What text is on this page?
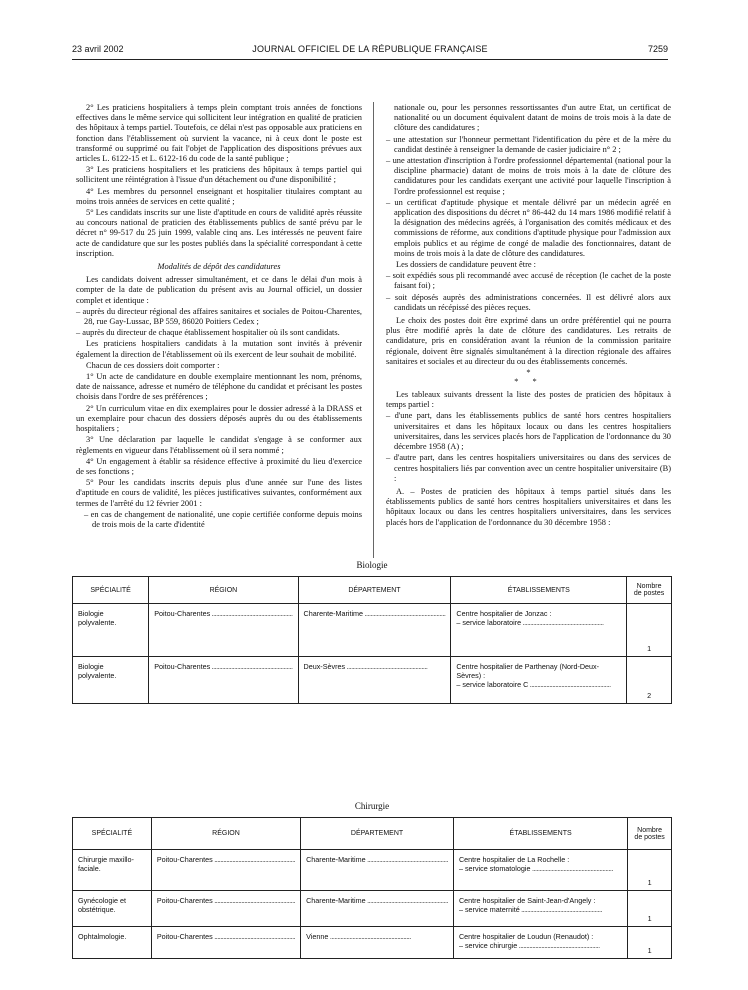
23 avril 2002	JOURNAL OFFICIEL DE LA RÉPUBLIQUE FRANÇAISE	7259

2° Les praticiens hospitaliers à temps plein comptant trois années de fonctions effectives dans le même service qui sollicitent leur intégration en qualité de praticien des hôpitaux à temps partiel. Toutefois, ce délai n'est pas opposable aux praticiens en fonction dans l'établissement où survient la vacance, ni à ceux dont le poste est transformé ou supprimé ou fait l'objet de l'application des dispositions prévues aux articles L. 6122-15 et L. 6122-16 du code de la santé publique ;

3° Les praticiens hospitaliers et les praticiens des hôpitaux à temps partiel qui sollicitent une réintégration à l'issue d'un détachement ou d'une disponibilité ;

4° Les membres du personnel enseignant et hospitalier titulaires comptant au moins trois années de services en cette qualité ;

5° Les candidats inscrits sur une liste d'aptitude en cours de validité après réussite au concours national de praticien des établissements publics de santé prévu par le décret n° 99-517 du 25 juin 1999, valable cinq ans. Les intéressés ne peuvent faire acte de candidature que sur les postes publiés dans la spécialité correspondant à cette inscription.

Modalités de dépôt des candidatures

Les candidats doivent adresser simultanément, et ce dans le délai d'un mois à compter de la date de publication du présent avis au Journal officiel, un dossier complet et identique :

– auprès du directeur régional des affaires sanitaires et sociales de Poitou-Charentes, 28, rue Gay-Lussac, BP 559, 86020 Poitiers Cedex ;

– auprès du directeur de chaque établissement hospitalier où ils sont candidats.

Les praticiens hospitaliers candidats à la mutation sont invités à prévenir également la direction de l'établissement où ils exercent de leur souhait de mobilité.

Chacun de ces dossiers doit comporter :

1° Un acte de candidature en double exemplaire mentionnant les nom, prénoms, date de naissance, adresse et numéro de téléphone du candidat et précisant les postes choisis dans l'ordre de ses préférences ;

2° Un curriculum vitae en dix exemplaires pour le dossier adressé à la DRASS et un exemplaire pour chacun des dossiers déposés auprès du ou des établissements hospitaliers ;

3° Une déclaration par laquelle le candidat s'engage à se conformer aux règlements en vigueur dans l'établissement où il sera nommé ;

4° Un engagement à établir sa résidence effective à proximité du lieu d'exercice de ses fonctions ;

5° Pour les candidats inscrits depuis plus d'une année sur l'une des listes d'aptitude en cours de validité, les pièces justificatives suivantes, conformément aux termes de l'arrêté du 12 février 2001 :

– en cas de changement de nationalité, une copie certifiée conforme depuis moins de trois mois de la carte d'identité

nationale ou, pour les personnes ressortissantes d'un autre Etat, un certificat de nationalité ou un document équivalent datant de moins de trois mois à la date de clôture des candidatures ;

– une attestation sur l'honneur permettant l'identification du père et de la mère du candidat destinée à renseigner la demande de casier judiciaire n° 2 ;

– une attestation d'inscription à l'ordre professionnel départemental (national pour la discipline pharmacie) datant de moins de trois mois à la date de clôture des candidatures pour les candidats exerçant une activité pour laquelle l'inscription à l'ordre professionnel est requise ;

– un certificat d'aptitude physique et mentale délivré par un médecin agréé en application des dispositions du décret n° 86-442 du 14 mars 1986 modifié relatif à la désignation des médecins agréés, à l'organisation des comités médicaux et des commissions de réforme, aux conditions d'aptitude physique pour l'admission aux emplois publics et au régime de congé de maladie des fonctionnaires, datant de moins de trois mois à la date de clôture des candidatures.

Les dossiers de candidature peuvent être :

– soit expédiés sous pli recommandé avec accusé de réception (le cachet de la poste faisant foi) ;

– soit déposés auprès des administrations concernées. Il est délivré alors aux candidats un récépissé des pièces reçues.

Le choix des postes doit être exprimé dans un ordre préférentiel qui ne pourra plus être modifié après la date de clôture des candidatures. Les retraits de candidature, pris en considération avant la réunion de la commission paritaire régionale, doivent être signalés simultanément à la direction régionale des affaires sanitaires et sociales et au directeur du ou des établissements concernés.

*

* *

Les tableaux suivants dressent la liste des postes de praticien des hôpitaux à temps partiel :

– d'une part, dans les établissements publics de santé hors centres hospitaliers universitaires et dans les hôpitaux locaux ou dans les centres hospitaliers universitaires, dans les services placés hors de l'application de l'ordonnance du 30 décembre 1958 (A) ;

– d'autre part, dans les centres hospitaliers universitaires ou dans des services de centres hospitaliers liés par convention avec un centre hospitalier universitaire (B) :

A. – Postes de praticien des hôpitaux à temps partiel situés dans les établissements publics de santé hors centres hospitaliers universitaires et dans les hôpitaux locaux ou dans les centres hospitaliers universitaires, dans les services placés hors de l'application de l'ordonnance du 30 décembre 1958 :

Biologie
SPÉCIALITÉ	RÉGION	DÉPARTEMENT	ÉTABLISSEMENTS	Nombre de postes
Biologie polyvalente.	Poitou-Charentes .....	Charente-Maritime .....	Centre hospitalier de Jonzac :
– service laboratoire .....	1
Biologie polyvalente.	Poitou-Charentes .....	Deux-Sèvres .....	Centre hospitalier de Parthenay (Nord-Deux-Sèvres) :
– service laboratoire C .....	2
Chirurgie
SPÉCIALITÉ	RÉGION	DÉPARTEMENT	ÉTABLISSEMENTS	Nombre de postes
Chirurgie maxillo-faciale.	Poitou-Charentes .....	Charente-Maritime .....	Centre hospitalier de La Rochelle :
– service stomatologie .....	1
Gynécologie et obstétrique.	Poitou-Charentes .....	Charente-Maritime .....	Centre hospitalier de Saint-Jean-d'Angely :
– service maternité .....	1
Ophtalmologie.	Poitou-Charentes .....	Vienne .....	Centre hospitalier de Loudun (Renaudot) :
– service chirurgie .....	1
